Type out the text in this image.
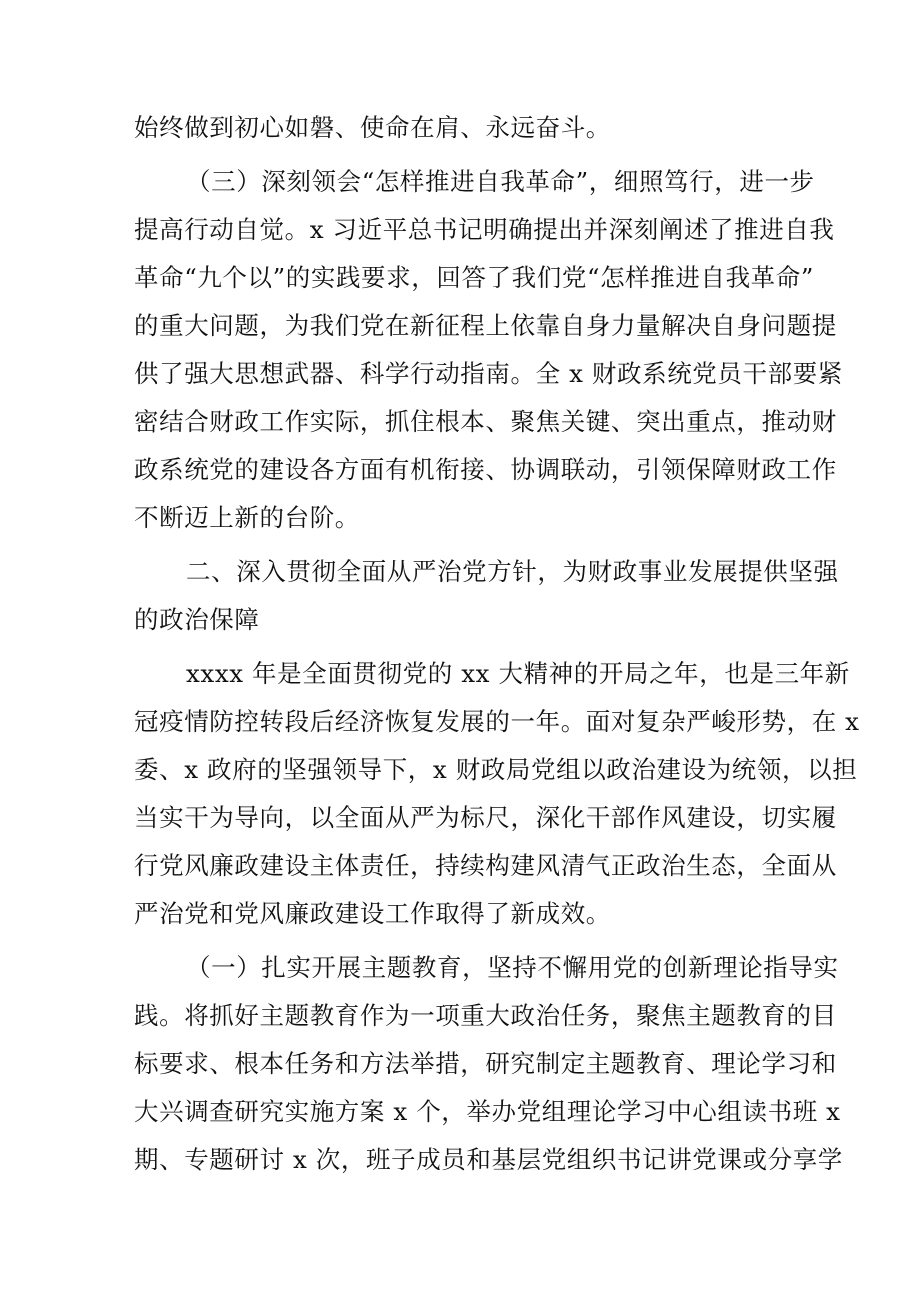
始终做到初心如磐、使命在肩、永远奋斗。
（三）深刻领会“怎样推进自我革命”，细照笃行，进一步
提高行动自觉。x 习近平总书记明确提出并深刻阐述了推进自我
革命“九个以”的实践要求，回答了我们党“怎样推进自我革命”
的重大问题，为我们党在新征程上依靠自身力量解决自身问题提
供了强大思想武器、科学行动指南。全 x 财政系统党员干部要紧
密结合财政工作实际，抓住根本、聚焦关键、突出重点，推动财
政系统党的建设各方面有机衔接、协调联动，引领保障财政工作
不断迈上新的台阶。
二、深入贯彻全面从严治党方针，为财政事业发展提供坚强
的政治保障
xxxx 年是全面贯彻党的 xx 大精神的开局之年，也是三年新
冠疫情防控转段后经济恢复发展的一年。面对复杂严峻形势，在 x
委、x 政府的坚强领导下，x 财政局党组以政治建设为统领，以担
当实干为导向，以全面从严为标尺，深化干部作风建设，切实履
行党风廉政建设主体责任，持续构建风清气正政治生态，全面从
严治党和党风廉政建设工作取得了新成效。
（一）扎实开展主题教育，坚持不懈用党的创新理论指导实
践。将抓好主题教育作为一项重大政治任务，聚焦主题教育的目
标要求、根本任务和方法举措，研究制定主题教育、理论学习和
大兴调查研究实施方案 x 个，举办党组理论学习中心组读书班 x
期、专题研讨 x 次，班子成员和基层党组织书记讲党课或分享学
